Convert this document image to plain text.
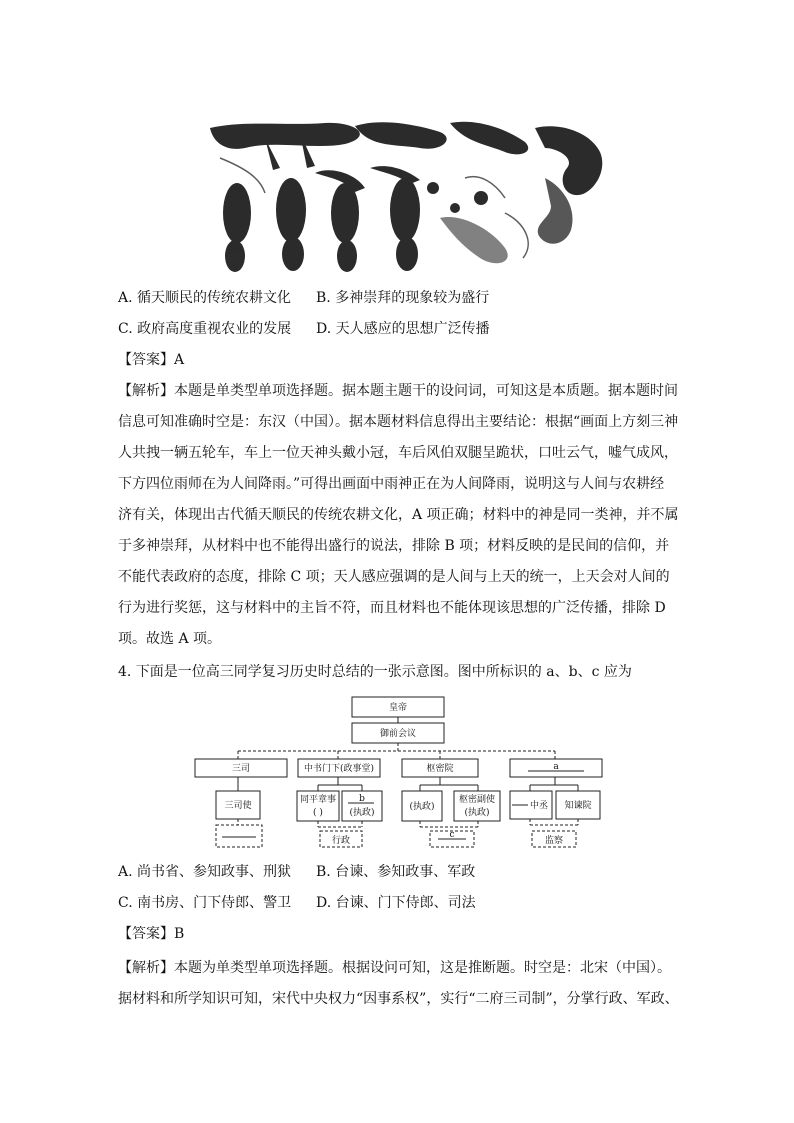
A. 循天顺民的传统农耕文化 B. 多神崇拜的现象较为盛行
C. 政府高度重视农业的发展 D. 天人感应的思想广泛传播
【答案】A
【解析】本题是单类型单项选择题。据本题主题干的设问词，可知这是本质题。据本题时间
信息可知准确时空是：东汉（中国）。据本题材料信息得出主要结论：根据“画面上方刻三神
人共拽一辆五轮车，车上一位天神头戴小冠，车后风伯双腿呈跪状，口吐云气，嘘气成风，
下方四位雨师在为人间降雨。”可得出画面中雨神正在为人间降雨，说明这与人间与农耕经
济有关，体现出古代循天顺民的传统农耕文化，A 项正确；材料中的神是同一类神，并不属
于多神崇拜，从材料中也不能得出盛行的说法，排除 B 项；材料反映的是民间的信仰，并
不能代表政府的态度，排除 C 项；天人感应强调的是人间与上天的统一，上天会对人间的
行为进行奖惩，这与材料中的主旨不符，而且材料也不能体现该思想的广泛传播，排除 D
项。故选 A 项。
4. 下面是一位高三同学复习历史时总结的一张示意图。图中所标识的 a、b、c 应为
皇帝
御前会议
三司	中书门下(政事堂)	枢密院	a
三司使
同平章事
( )
b
(执政)
(执政)
枢密副使
(执政)
中丞 知谏院
行政
c
监察
A. 尚书省、参知政事、刑狱 B. 台谏、参知政事、军政
C. 南书房、门下侍郎、警卫 D. 台谏、门下侍郎、司法
【答案】B
【解析】本题为单类型单项选择题。根据设问可知，这是推断题。时空是：北宋（中国）。
据材料和所学知识可知，宋代中央权力“因事系权”，实行“二府三司制”，分掌行政、军政、
